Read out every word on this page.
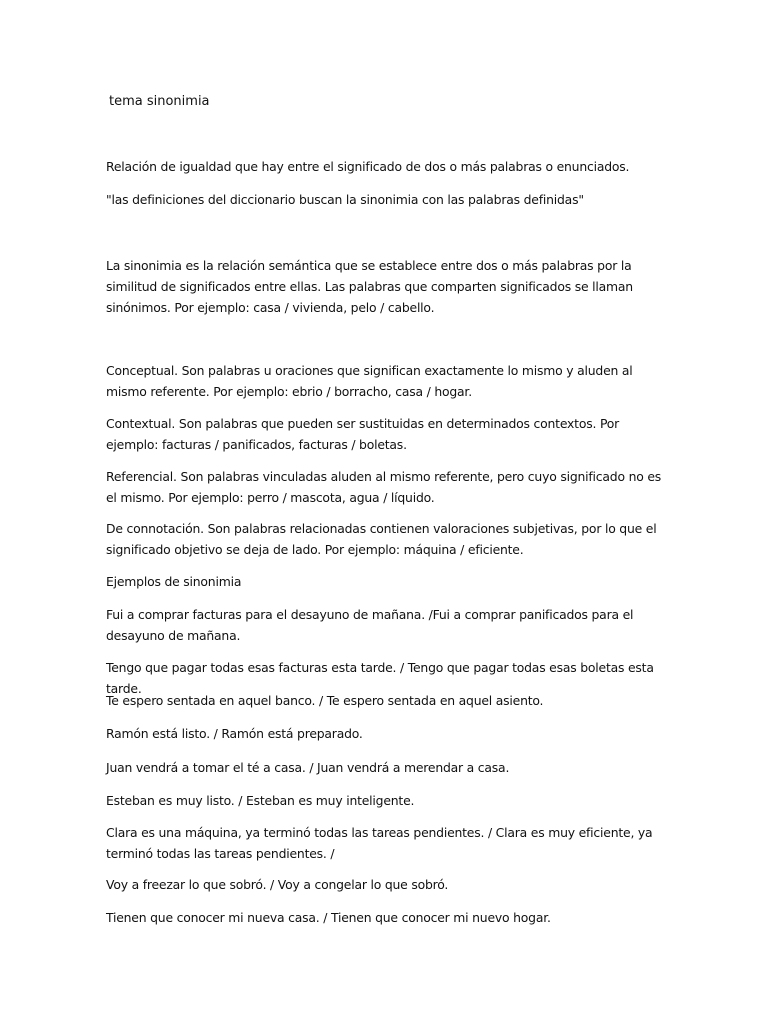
tema sinonimia

Relación de igualdad que hay entre el significado de dos o más palabras o enunciados.

"las definiciones del diccionario buscan la sinonimia con las palabras definidas"

La sinonimia es la relación semántica que se establece entre dos o más palabras por la similitud de significados entre ellas. Las palabras que comparten significados se llaman sinónimos. Por ejemplo: casa / vivienda, pelo / cabello.

Conceptual. Son palabras u oraciones que significan exactamente lo mismo y aluden al mismo referente. Por ejemplo: ebrio / borracho, casa / hogar.

Contextual. Son palabras que pueden ser sustituidas en determinados contextos. Por ejemplo: facturas / panificados, facturas / boletas.

Referencial. Son palabras vinculadas aluden al mismo referente, pero cuyo significado no es el mismo. Por ejemplo: perro / mascota, agua / líquido.

De connotación. Son palabras relacionadas contienen valoraciones subjetivas, por lo que el significado objetivo se deja de lado. Por ejemplo: máquina / eficiente.

Ejemplos de sinonimia

Fui a comprar facturas para el desayuno de mañana. /Fui a comprar panificados para el desayuno de mañana.

Tengo que pagar todas esas facturas esta tarde. / Tengo que pagar todas esas boletas esta tarde.

Te espero sentada en aquel banco. / Te espero sentada en aquel asiento.

Ramón está listo. / Ramón está preparado.

Juan vendrá a tomar el té a casa. / Juan vendrá a merendar a casa.

Esteban es muy listo. / Esteban es muy inteligente.

Clara es una máquina, ya terminó todas las tareas pendientes. / Clara es muy eficiente, ya terminó todas las tareas pendientes. /

Voy a freezar lo que sobró. / Voy a congelar lo que sobró.

Tienen que conocer mi nueva casa. / Tienen que conocer mi nuevo hogar.
